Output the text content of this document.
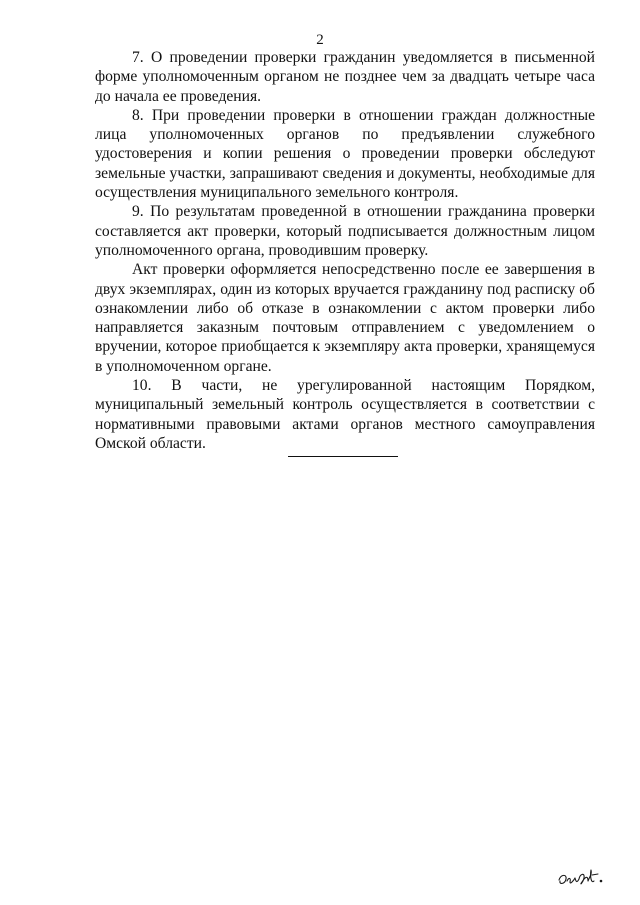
2

7. О проведении проверки гражданин уведомляется в письменной форме уполномоченным органом не позднее чем за двадцать четыре часа до начала ее проведения.

8. При проведении проверки в отношении граждан должностные лица уполномоченных органов по предъявлении служебного удостоверения и копии решения о проведении проверки обследуют земельные участки, запрашивают сведения и документы, необходимые для осуществления муниципального земельного контроля.

9. По результатам проведенной в отношении гражданина проверки составляется акт проверки, который подписывается должностным лицом уполномоченного органа, проводившим проверку.

Акт проверки оформляется непосредственно после ее завершения в двух экземплярах, один из которых вручается гражданину под расписку об ознакомлении либо об отказе в ознакомлении с актом проверки либо направляется заказным почтовым отправлением с уведомлением о вручении, которое приобщается к экземпляру акта проверки, хранящемуся в уполномоченном органе.

10. В части, не урегулированной настоящим Порядком, муниципальный земельный контроль осуществляется в соответствии с нормативными правовыми актами органов местного самоуправления Омской области.
